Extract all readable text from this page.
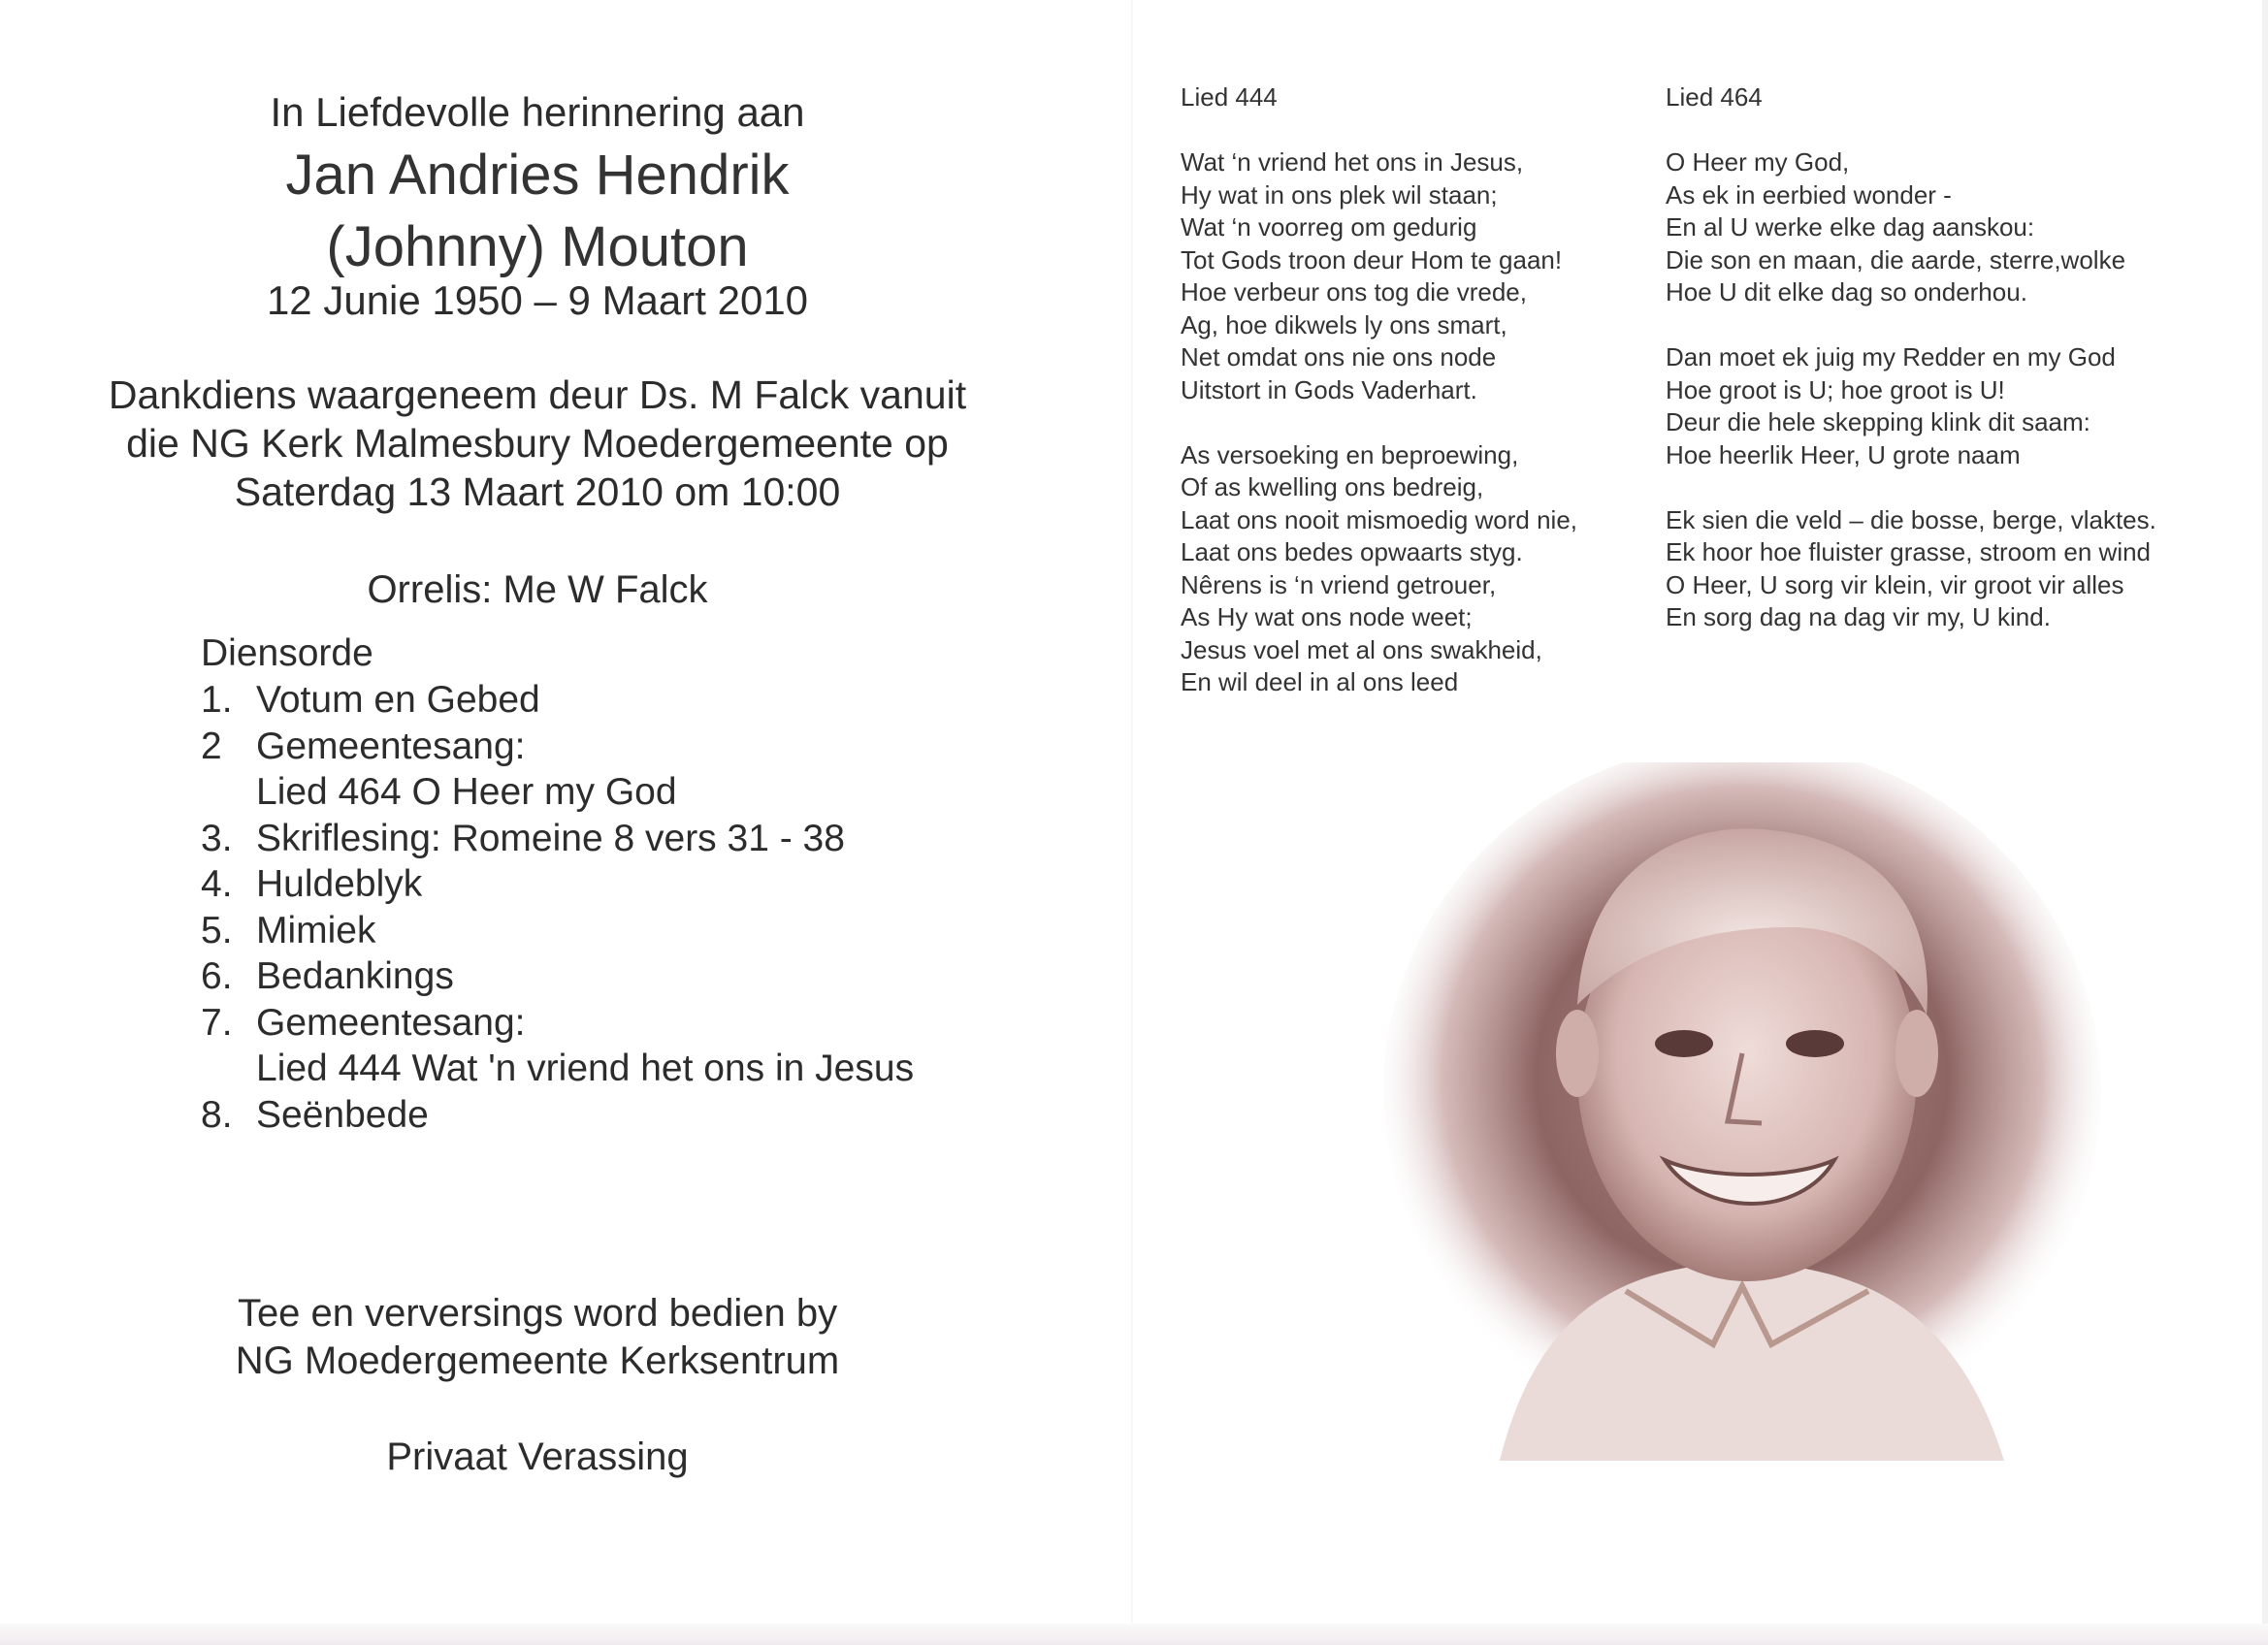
In Liefdevolle herinnering aan
Jan Andries Hendrik
(Johnny) Mouton
12 Junie 1950 – 9 Maart 2010
Dankdiens waargeneem deur Ds. M Falck vanuit
die NG Kerk Malmesbury Moedergemeente op
Saterdag 13 Maart 2010 om 10:00
Orrelis: Me W Falck
Diensorde
1. Votum en Gebed
2 Gemeentesang:
Lied 464 O Heer my God
3. Skriflesing: Romeine 8 vers 31 - 38
4. Huldeblyk
5. Mimiek
6. Bedankings
7. Gemeentesang:
Lied 444 Wat 'n vriend het ons in Jesus
8. Seënbede
Tee en verversings word bedien by
NG Moedergemeente Kerksentrum
Privaat Verassing
Lied 444
Wat ‘n vriend het ons in Jesus,
Hy wat in ons plek wil staan;
Wat ‘n voorreg om gedurig
Tot Gods troon deur Hom te gaan!
Hoe verbeur ons tog die vrede,
Ag, hoe dikwels ly ons smart,
Net omdat ons nie ons node
Uitstort in Gods Vaderhart.
As versoeking en beproewing,
Of as kwelling ons bedreig,
Laat ons nooit mismoedig word nie,
Laat ons bedes opwaarts styg.
Nêrens is ‘n vriend getrouer,
As Hy wat ons node weet;
Jesus voel met al ons swakheid,
En wil deel in al ons leed
Lied 464
O Heer my God,
As ek in eerbied wonder -
En al U werke elke dag aanskou:
Die son en maan, die aarde, sterre,wolke
Hoe U dit elke dag so onderhou.
Dan moet ek juig my Redder en my God
Hoe groot is U; hoe groot is U!
Deur die hele skepping klink dit saam:
Hoe heerlik Heer, U grote naam
Ek sien die veld – die bosse, berge, vlaktes.
Ek hoor hoe fluister grasse, stroom en wind
O Heer, U sorg vir klein, vir groot vir alles
En sorg dag na dag vir my, U kind.
